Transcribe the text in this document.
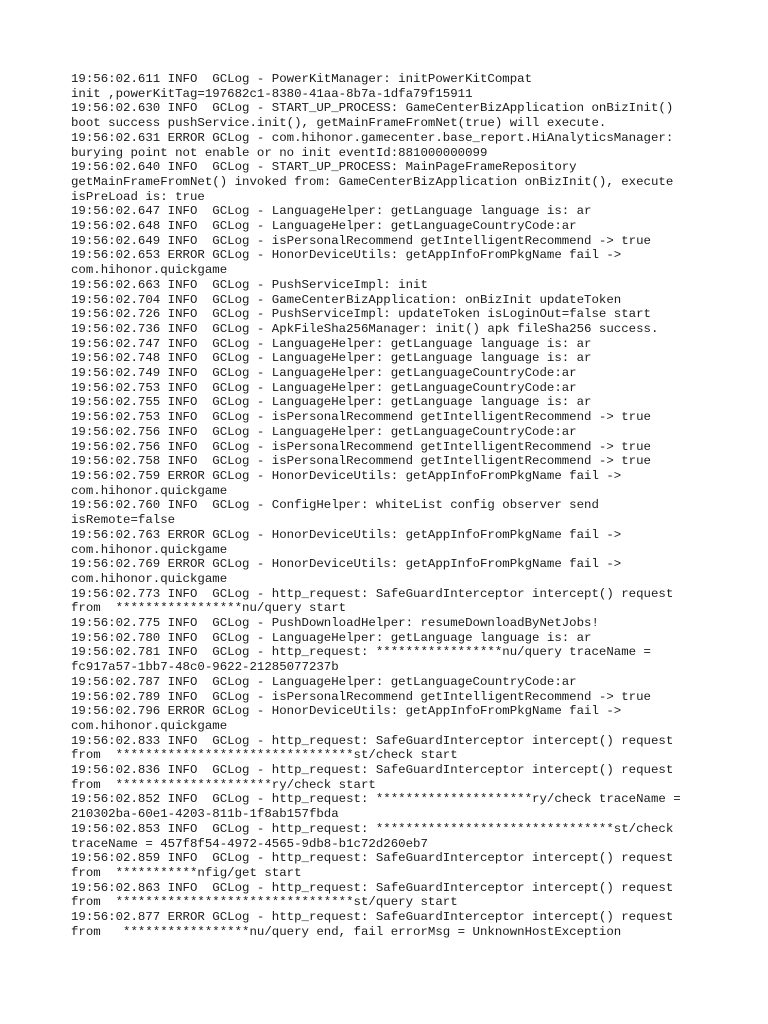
19:56:02.611 INFO  GCLog - PowerKitManager: initPowerKitCompat
init ,powerKitTag=197682c1-8380-41aa-8b7a-1dfa79f15911
19:56:02.630 INFO  GCLog - START_UP_PROCESS: GameCenterBizApplication onBizInit()
boot success pushService.init(), getMainFrameFromNet(true) will execute.
19:56:02.631 ERROR GCLog - com.hihonor.gamecenter.base_report.HiAnalyticsManager:
burying point not enable or no init eventId:881000000099
19:56:02.640 INFO  GCLog - START_UP_PROCESS: MainPageFrameRepository
getMainFrameFromNet() invoked from: GameCenterBizApplication onBizInit(), execute
isPreLoad is: true
19:56:02.647 INFO  GCLog - LanguageHelper: getLanguage language is: ar
19:56:02.648 INFO  GCLog - LanguageHelper: getLanguageCountryCode:ar
19:56:02.649 INFO  GCLog - isPersonalRecommend getIntelligentRecommend -> true
19:56:02.653 ERROR GCLog - HonorDeviceUtils: getAppInfoFromPkgName fail ->
com.hihonor.quickgame
19:56:02.663 INFO  GCLog - PushServiceImpl: init
19:56:02.704 INFO  GCLog - GameCenterBizApplication: onBizInit updateToken
19:56:02.726 INFO  GCLog - PushServiceImpl: updateToken isLoginOut=false start
19:56:02.736 INFO  GCLog - ApkFileSha256Manager: init() apk fileSha256 success.
19:56:02.747 INFO  GCLog - LanguageHelper: getLanguage language is: ar
19:56:02.748 INFO  GCLog - LanguageHelper: getLanguage language is: ar
19:56:02.749 INFO  GCLog - LanguageHelper: getLanguageCountryCode:ar
19:56:02.753 INFO  GCLog - LanguageHelper: getLanguageCountryCode:ar
19:56:02.755 INFO  GCLog - LanguageHelper: getLanguage language is: ar
19:56:02.753 INFO  GCLog - isPersonalRecommend getIntelligentRecommend -> true
19:56:02.756 INFO  GCLog - LanguageHelper: getLanguageCountryCode:ar
19:56:02.756 INFO  GCLog - isPersonalRecommend getIntelligentRecommend -> true
19:56:02.758 INFO  GCLog - isPersonalRecommend getIntelligentRecommend -> true
19:56:02.759 ERROR GCLog - HonorDeviceUtils: getAppInfoFromPkgName fail ->
com.hihonor.quickgame
19:56:02.760 INFO  GCLog - ConfigHelper: whiteList config observer send
isRemote=false
19:56:02.763 ERROR GCLog - HonorDeviceUtils: getAppInfoFromPkgName fail ->
com.hihonor.quickgame
19:56:02.769 ERROR GCLog - HonorDeviceUtils: getAppInfoFromPkgName fail ->
com.hihonor.quickgame
19:56:02.773 INFO  GCLog - http_request: SafeGuardInterceptor intercept() request
from  *****************nu/query start
19:56:02.775 INFO  GCLog - PushDownloadHelper: resumeDownloadByNetJobs!
19:56:02.780 INFO  GCLog - LanguageHelper: getLanguage language is: ar
19:56:02.781 INFO  GCLog - http_request: *****************nu/query traceName =
fc917a57-1bb7-48c0-9622-21285077237b
19:56:02.787 INFO  GCLog - LanguageHelper: getLanguageCountryCode:ar
19:56:02.789 INFO  GCLog - isPersonalRecommend getIntelligentRecommend -> true
19:56:02.796 ERROR GCLog - HonorDeviceUtils: getAppInfoFromPkgName fail ->
com.hihonor.quickgame
19:56:02.833 INFO  GCLog - http_request: SafeGuardInterceptor intercept() request
from  ********************************st/check start
19:56:02.836 INFO  GCLog - http_request: SafeGuardInterceptor intercept() request
from  *********************ry/check start
19:56:02.852 INFO  GCLog - http_request: *********************ry/check traceName =
210302ba-60e1-4203-811b-1f8ab157fbda
19:56:02.853 INFO  GCLog - http_request: ********************************st/check
traceName = 457f8f54-4972-4565-9db8-b1c72d260eb7
19:56:02.859 INFO  GCLog - http_request: SafeGuardInterceptor intercept() request
from  ***********nfig/get start
19:56:02.863 INFO  GCLog - http_request: SafeGuardInterceptor intercept() request
from  ********************************st/query start
19:56:02.877 ERROR GCLog - http_request: SafeGuardInterceptor intercept() request
from   *****************nu/query end, fail errorMsg = UnknownHostException
